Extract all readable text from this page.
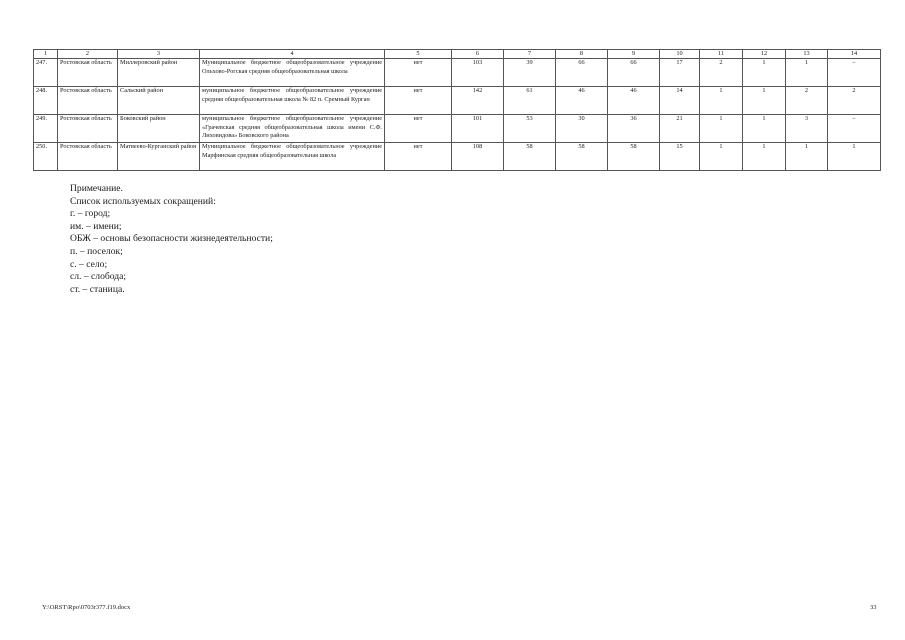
1	2	3	4	5	6	7	8	9	10	11	12	13	14
247.	Ростовская область	Миллеровский район	Муниципальное бюджетное общеобразовательное учреждение Ольхово-Рогская средняя общеобразовательная школа	нет	103	39	66	66	17	2	1	1	–
248.	Ростовская область	Сальский район	муниципальное бюджетное общеобразовательное учреждение средняя общеобразовательная школа № 82 п. Сремный Курган	нет	142	61	46	46	14	1	1	2	2
249.	Ростовская область	Боковский район	муниципальное бюджетное общеобразовательное учреждение «Грачевская средняя общеобразовательная школа имени С.Ф. Лиховидова» Боковского района	нет	101	53	30	36	21	1	1	3	–
250.	Ростовская область	Матвеево-Курганский район	Муниципальное бюджетное общеобразовательное учреждение Марфинская средняя общеобразовательная школа	нет	108	58	58	58	15	1	1	1	1
Примечание.
Список используемых сокращений:
г. – город;
им. – имени;
ОБЖ – основы безопасности жизнедеятельности;
п. – поселок;
с. – село;
сл. – слобода;
ст. – станица.
Y:\ORST\Rpo\0703r377.f19.docx	33
